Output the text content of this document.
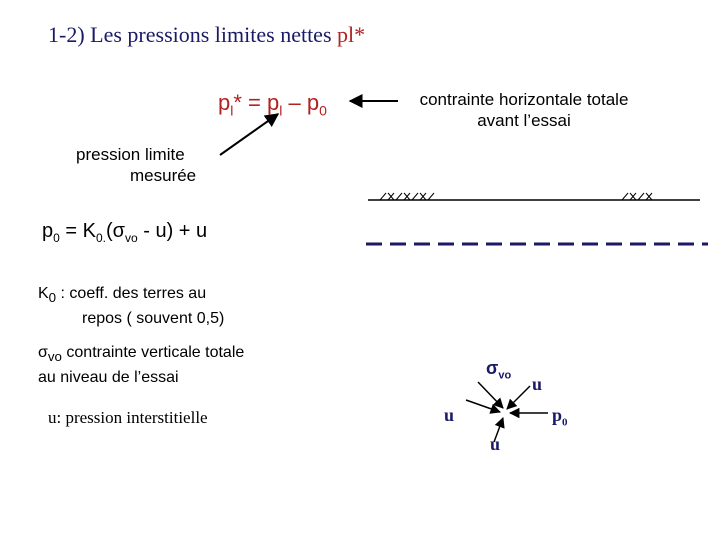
1-2) Les pressions limites nettes pl*
$p_l* = p_l - p_0$
contrainte horizontale totale
avant l’essai
pression limite
mesurée
$p_0 = K_{0.}(\sigma_{vo} - u) + u$
$K_0$ : coeff. des terres au
repos ( souvent 0,5)
$\sigma_{vo}$ contrainte verticale totale
au niveau de l’essai
u: pression interstitielle
$\sigma_{vo}$ u
u
u
$p_0$
